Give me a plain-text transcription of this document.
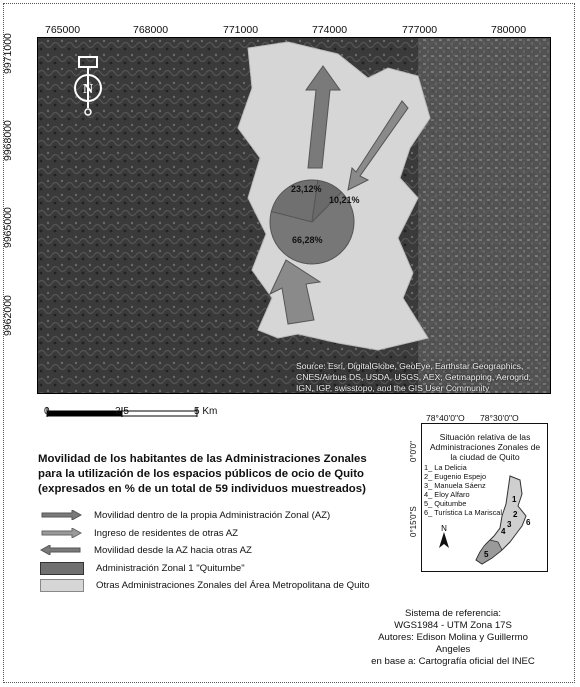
765000	768000	771000	774000	777000	780000
9971000
9968000
9965000
9962000
N
23,12%
10,21%
66,28%
Source: Esri, DigitalGlobe, GeoEye, Earthstar Geographics, CNES/Airbus DS, USDA, USGS, AEX, Getmapping, Aerogrid, IGN, IGP, swisstopo, and the GIS User Community
0	2,5	5 Km
Movilidad de los habitantes de las Administraciones Zonales
para la utilización de los espacios públicos de ocio de Quito
(expresados en % de un total de 59 individuos muestreados)
Movilidad dentro de la propia Administración Zonal (AZ)
Ingreso de residentes de otras AZ
Movilidad desde la AZ hacia otras AZ
Administración Zonal 1 "Quitumbe"
Otras Administraciones Zonales del Área Metropolitana de Quito
78°40'0"O 78°30'0"O
0°0'0"
0°15'0"S	N
1
2
3
4
5
6
Situación relativa de las Administraciones Zonales de la ciudad de Quito
1_ La Delicia
2_ Eugenio Espejo
3_ Manuela Sáenz
4_ Eloy Alfaro
5_ Quitumbe
6_ Turística La Mariscal
Sistema de referencia:
WGS1984 - UTM Zona 17S
Autores: Edison Molina y Guillermo Angeles
en base a: Cartografía oficial del INEC
